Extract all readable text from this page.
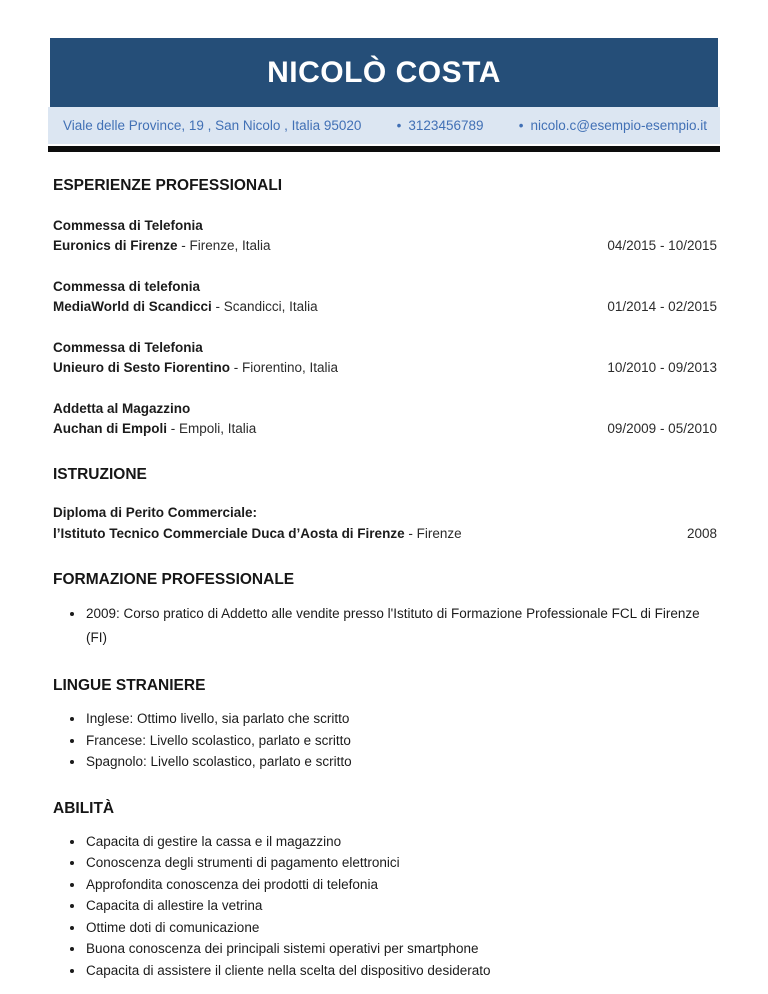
NICOLÒ COSTA
Viale delle Province, 19 , San Nicolo , Italia 95020	• 3123456789	• nicolo.c@esempio-esempio.it
ESPERIENZE PROFESSIONALI
Commessa di Telefonia
Euronics di Firenze - Firenze, Italia	04/2015 - 10/2015
Commessa di telefonia
MediaWorld di Scandicci - Scandicci, Italia	01/2014 - 02/2015
Commessa di Telefonia
Unieuro di Sesto Fiorentino - Fiorentino, Italia	10/2010 - 09/2013
Addetta al Magazzino
Auchan di Empoli - Empoli, Italia	09/2009 - 05/2010
ISTRUZIONE
Diploma di Perito Commerciale:
l’Istituto Tecnico Commerciale Duca d’Aosta di Firenze - Firenze	2008
FORMAZIONE PROFESSIONALE
• 2009: Corso pratico di Addetto alle vendite presso l'Istituto di Formazione Professionale FCL di Firenze (FI)
LINGUE STRANIERE
• Inglese: Ottimo livello, sia parlato che scritto
• Francese: Livello scolastico, parlato e scritto
• Spagnolo: Livello scolastico, parlato e scritto
ABILITÀ
• Capacita di gestire la cassa e il magazzino
• Conoscenza degli strumenti di pagamento elettronici
• Approfondita conoscenza dei prodotti di telefonia
• Capacita di allestire la vetrina
• Ottime doti di comunicazione
• Buona conoscenza dei principali sistemi operativi per smartphone
• Capacita di assistere il cliente nella scelta del dispositivo desiderato
